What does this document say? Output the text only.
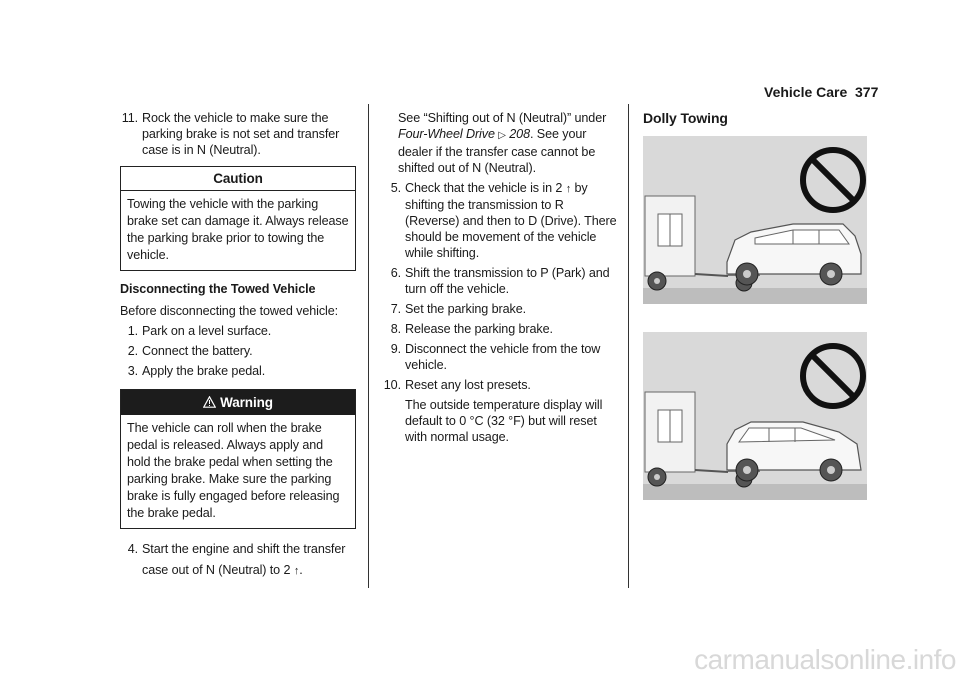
Vehicle Care 377
11. Rock the vehicle to make sure the parking brake is not set and transfer case is in N (Neutral).
Caution
Towing the vehicle with the parking brake set can damage it. Always release the parking brake prior to towing the vehicle.

Disconnecting the Towed Vehicle

Before disconnecting the towed vehicle:

1. Park on a level surface.
2. Connect the battery.
3. Apply the brake pedal.
Warning
The vehicle can roll when the brake pedal is released. Always apply and hold the brake pedal when setting the parking brake. Make sure the parking brake is fully engaged before releasing the brake pedal.
4. Start the engine and shift the transfer case out of N (Neutral) to 2 ↑.

See “Shifting out of N (Neutral)” under
Four-Wheel Drive ▷ 208. See your dealer if the transfer case cannot be shifted out of N (Neutral).

5. Check that the vehicle is in 2 ↑ by shifting the transmission to R (Reverse) and then to D (Drive). There should be movement of the vehicle while shifting.
6. Shift the transmission to P (Park) and turn off the vehicle.
7. Set the parking brake.
8. Release the parking brake.
9. Disconnect the vehicle from the tow vehicle.
10. Reset any lost presets.

The outside temperature display will default to 0 °C (32 °F) but will reset with normal usage.

Dolly Towing
carmanualsonline.info
